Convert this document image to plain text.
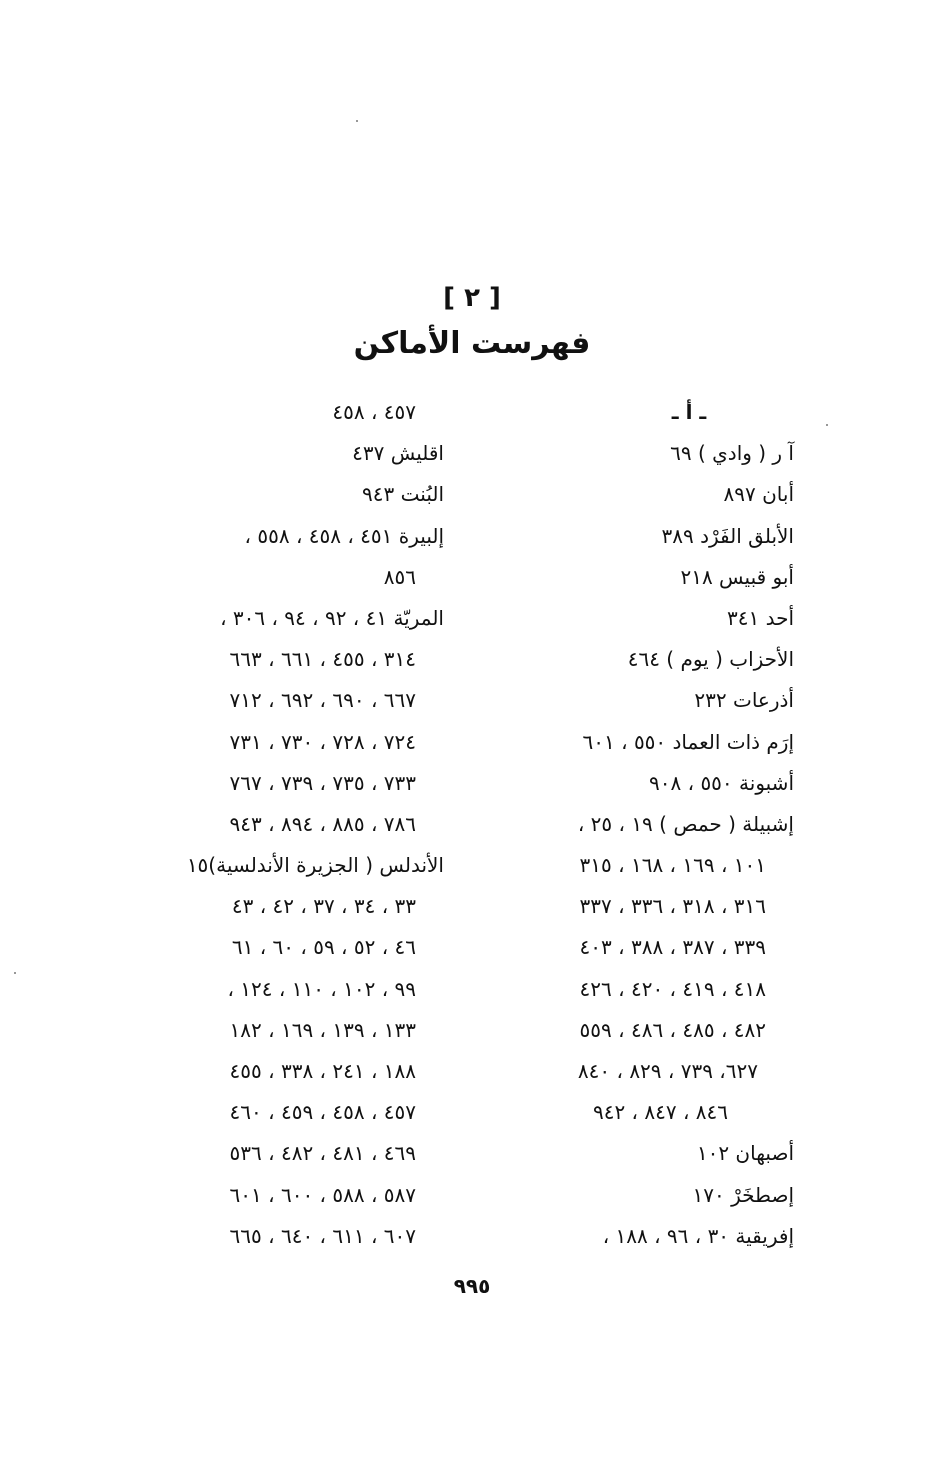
[ ٢ ]
فهرست الأماكن
ـ أ ـ
آ ر ( وادي ) ٦٩
أبان ٨٩٧
الأبلق الفَرْد ٣٨٩
أبو قبيس ٢١٨
أحد ٣٤١
الأحزاب ( يوم ) ٤٦٤
أذرعات ٢٣٢
إرَم ذات العماد ٥٥٠ ، ٦٠١
أشبونة ٥٥٠ ، ٩٠٨
إشبيلة ( حمص ) ١٩ ، ٢٥ ،
١٠١ ، ١٦٩ ، ١٦٨ ، ٣١٥
٣١٦ ، ٣١٨ ، ٣٣٦ ، ٣٣٧
٣٣٩ ، ٣٨٧ ، ٣٨٨ ، ٤٠٣
٤١٨ ، ٤١٩ ، ٤٢٠ ، ٤٢٦
٤٨٢ ، ٤٨٥ ، ٤٨٦ ، ٥٥٩
٦٢٧، ٧٣٩ ، ٨٢٩ ، ٨٤٠
٨٤٦ ، ٨٤٧ ، ٩٤٢
أصبهان ١٠٢
إصطخَرْ ١٧٠
إفريقية ٣٠ ، ٩٦ ، ١٨٨ ،
٤٥٧ ، ٤٥٨
اقليش ٤٣٧
البُنت ٩٤٣
إلبيرة ٤٥١ ، ٤٥٨ ، ٥٥٨ ،
٨٥٦
المريّة ٤١ ، ٩٢ ، ٩٤ ، ٣٠٦ ،
٣١٤ ، ٤٥٥ ، ٦٦١ ، ٦٦٣
٦٦٧ ، ٦٩٠ ، ٦٩٢ ، ٧١٢
٧٢٤ ، ٧٢٨ ، ٧٣٠ ، ٧٣١
٧٣٣ ، ٧٣٥ ، ٧٣٩ ، ٧٦٧
٧٨٦ ، ٨٨٥ ، ٨٩٤ ، ٩٤٣
الأندلس ( الجزيرة الأندلسية)١٥
٣٣ ، ٣٤ ، ٣٧ ، ٤٢ ، ٤٣
٤٦ ، ٥٢ ، ٥٩ ، ٦٠ ، ٦١
٩٩ ، ١٠٢ ، ١١٠ ، ١٢٤ ،
١٣٣ ، ١٣٩ ، ١٦٩ ، ١٨٢
١٨٨ ، ٢٤١ ، ٣٣٨ ، ٤٥٥
٤٥٧ ، ٤٥٨ ، ٤٥٩ ، ٤٦٠
٤٦٩ ، ٤٨١ ، ٤٨٢ ، ٥٣٦
٥٨٧ ، ٥٨٨ ، ٦٠٠ ، ٦٠١
٦٠٧ ، ٦١١ ، ٦٤٠ ، ٦٦٥
٩٩٥
